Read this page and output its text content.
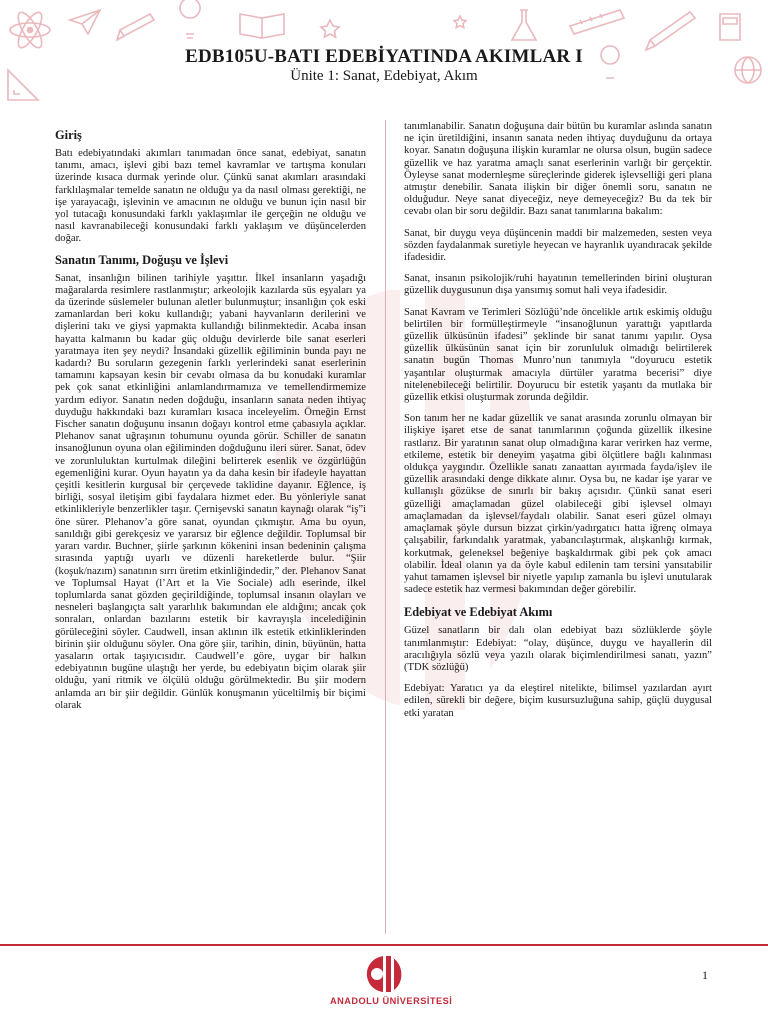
EDB105U-BATI EDEBİYATINDA AKIMLAR I
Ünite 1: Sanat, Edebiyat, Akım
Giriş

Batı edebiyatındaki akımları tanımadan önce sanat, edebiyat, sanatın tanımı, amacı, işlevi gibi bazı temel kavramlar ve tartışma konuları üzerinde kısaca durmak yerinde olur. Çünkü sanat akımları arasındaki farklılaşmalar temelde sanatın ne olduğu ya da nasıl olması gerektiği, ne işe yarayacağı, işlevinin ve amacının ne olduğu ve bunun için nasıl bir yol tutacağı konusundaki farklı yaklaşımlar ile gerçeğin ne olduğu ve nasıl kavranabileceği konusundaki farklı yaklaşım ve düşüncelerden doğar.

Sanatın Tanımı, Doğuşu ve İşlevi

Sanat, insanlığın bilinen tarihiyle yaşıttır. İlkel insanların yaşadığı mağaralarda resimlere rastlanmıştır; arkeolojik kazılarda süs eşyaları ya da üzerinde süslemeler bulunan aletler bulunmuştur; insanlığın çok eski zamanlardan beri koku kullandığı; yabani hayvanların derilerini ve dişlerini takı ve giysi yapmakta kullandığı bilinmektedir. Acaba insan hayatta kalmanın bu kadar güç olduğu devirlerde bile sanat eserleri yaratmaya iten şey neydi? İnsandaki güzellik eğiliminin bunda payı ne kadardı? Bu soruların gezegenin farklı yerlerindeki sanat eserlerinin tamamını kapsayan kesin bir cevabı olmasa da bu konudaki kuramlar pek çok sanat etkinliğini anlamlandırmamıza ve temellendirmemize yardım ediyor. Sanatın neden doğduğu, insanların sanata neden ihtiyaç duyduğu hakkındaki bazı kuramları kısaca inceleyelim. Örneğin Ernst Fischer sanatın doğuşunu insanın doğayı kontrol etme çabasıyla açıklar. Plehanov sanat uğraşının tohumunu oyunda görür. Schiller de sanatın insanoğlunun oyuna olan eğiliminden doğduğunu ileri sürer. Sanat, ödev ve zorunluluktan kurtulmak dileğini belirterek esenlik ve özgürlüğün egemenliğini kurar. Oyun hayatın ya da daha kesin bir ifadeyle hayattan çeşitli kesitlerin kurgusal bir çerçevede taklidine dayanır. Eğlence, iş birliği, sosyal iletişim gibi faydalara hizmet eder. Bu yönleriyle sanat etkinlikleriyle benzerlikler taşır. Çernişevski sanatın kaynağı olarak “iş”i öne sürer. Plehanov’a göre sanat, oyundan çıkmıştır. Ama bu oyun, sanıldığı gibi gerekçesiz ve yararsız bir eğlence değildir. Toplumsal bir yararı vardır. Buchner, şiirle şarkının kökenini insan bedeninin çalışma sırasında yaptığı uyarlı ve düzenli hareketlerde bulur. “Şiir (koşuk/nazım) sanatının sırrı üretim etkinliğindedir,” der. Plehanov Sanat ve Toplumsal Hayat (l’Art et la Vie Sociale) adlı eserinde, ilkel toplumlarda sanat gözden geçirildiğinde, toplumsal insanın olayları ve nesneleri başlangıçta salt yararlılık bakımından ele aldığını; ancak çok sonraları, onlardan bazılarını estetik bir kavrayışla incelediğinin görüleceğini söyler. Caudwell, insan aklının ilk estetik etkinliklerinden birinin şiir olduğunu söyler. Ona göre şiir, tarihin, dinin, büyünün, hatta yasaların ortak taşıyıcısıdır. Caudwell’e göre, uygar bir halkın edebiyatının bugüne ulaştığı her yerde, bu edebiyatın biçim olarak şiir olduğu, yani ritmik ve ölçülü olduğu görülmektedir. Bu şiir modern anlamda arı bir şiir değildir. Günlük konuşmanın yüceltilmiş bir biçimi olarak

tanımlanabilir. Sanatın doğuşuna dair bütün bu kuramlar aslında sanatın ne için üretildiğini, insanın sanata neden ihtiyaç duyduğunu da ortaya koyar. Sanatın doğuşuna ilişkin kuramlar ne olursa olsun, bugün sadece güzellik ve haz yaratma amaçlı sanat eserlerinin varlığı bir gerçektir. Öyleyse sanat modernleşme süreçlerinde giderek işlevselliği geri plana atmıştır denebilir. Sanata ilişkin bir diğer önemli soru, sanatın ne olduğudur. Neye sanat diyeceğiz, neye demeyeceğiz? Bu da tek bir cevabı olan bir soru değildir. Bazı sanat tanımlarına bakalım:

Sanat, bir duygu veya düşüncenin maddi bir malzemeden, sesten veya sözden faydalanmak suretiyle heyecan ve hayranlık uyandıracak şekilde ifadesidir.

Sanat, insanın psikolojik/ruhi hayatının temellerinden birini oluşturan güzellik duygusunun dışa yansımış somut hali veya ifadesidir.

Sanat Kavram ve Terimleri Sözlüğü’nde öncelikle artık eskimiş olduğu belirtilen bir formülleştirmeyle “insanoğlunun yarattığı yapıtlarda güzellik ülküsünün ifadesi” şeklinde bir sanat tanımı yapılır. Oysa güzellik ülküsünün sanat için bir zorunluluk olmadığı belirtilerek sanatın bugün Thomas Munro’nun tanımıyla “doyurucu estetik yaşantılar oluşturmak amacıyla dürtüler yaratma becerisi” diye nitelenebileceği belirtilir. Doyurucu bir estetik yaşantı da mutlaka bir güzellik etkisi oluşturmak zorunda değildir.

Son tanım her ne kadar güzellik ve sanat arasında zorunlu olmayan bir ilişkiye işaret etse de sanat tanımlarının çoğunda güzellik ilkesine rastlarız. Bir yaratının sanat olup olmadığına karar verirken haz verme, etkileme, estetik bir deneyim yaşatma gibi ölçütlere bağlı kalınması oldukça yaygındır. Özellikle sanatı zanaattan ayırmada fayda/işlev ile güzellik arasındaki denge dikkate alınır. Oysa bu, ne kadar işe yarar ve kullanışlı gözükse de sınırlı bir bakış açısıdır. Çünkü sanat eseri güzelliği amaçlamadan güzel olabileceği gibi işlevsel olmayı amaçlamadan da işlevsel/faydalı olabilir. Sanat eseri güzel olmayı amaçlamak şöyle dursun bizzat çirkin/yadırgatıcı hatta iğrenç olmaya çalışabilir, farkındalık yaratmak, yabancılaştırmak, alışkanlığı kırmak, korkutmak, geleneksel beğeniye başkaldırmak gibi pek çok amacı olabilir. İdeal olanın ya da öyle kabul edilenin tam tersini yansıtabilir yahut tamamen işlevsel bir niyetle yapılıp zamanla bu işlevi unutularak sadece estetik haz vermesi bakımından değer görebilir.

Edebiyat ve Edebiyat Akımı

Güzel sanatların bir dalı olan edebiyat bazı sözlüklerde şöyle tanımlanmıştır: Edebiyat: “olay, düşünce, duygu ve hayallerin dil aracılığıyla sözlü veya yazılı olarak biçimlendirilmesi sanatı, yazın” (TDK sözlüğü)

Edebiyat: Yaratıcı ya da eleştirel nitelikte, bilimsel yazılardan ayırt edilen, sürekli bir değere, biçim kusursuzluğuna sahip, güçlü duygusal etki yaratan

ANADOLU ÜNİVERSİTESİ
1
